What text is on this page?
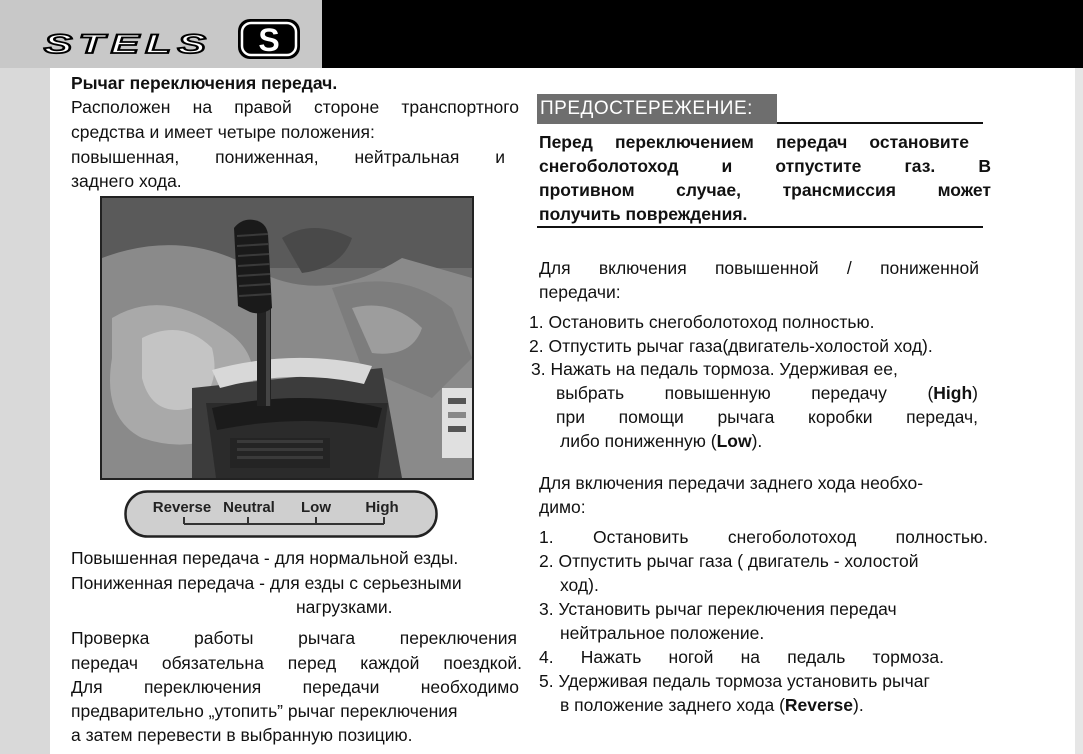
STELS S
Рычаг переключения передач.
Расположен на правой стороне транспортного
средства и имеет четыре положения:
повышенная, пониженная, нейтральная и
заднего хода.
Reverse Neutral Low High
Повышенная передача - для нормальной езды.
Пониженная передача - для езды с серьезными
нагрузками.
Проверка работы рычага переключения
передач обязательна перед каждой поездкой.
Для переключения передачи необходимо
предварительно „утопить” рычаг переключения
а затем перевести в выбранную позицию.
ПРЕДОСТЕРЕЖЕНИЕ:
Перед переключением передач остановите
снегоболотоход и отпустите газ. В
противном случае, трансмиссия может
получить повреждения.
Для включения повышенной / пониженной
передачи:
1. Остановить снегоболотоход полностью.
2. Отпустить рычаг газа(двигатель-холостой ход).
3. Нажать на педаль тормоза. Удерживая ее,
выбрать повышенную передачу (High)
при помощи рычага коробки передач,
либо пониженную (Low).
Для включения передачи заднего хода необхо-
димо:
1. Остановить снегоболотоход полностью.
2. Отпустить рычаг газа ( двигатель - холостой
ход).
3. Установить рычаг переключения передач
нейтральное положение.
4. Нажать ногой на педаль тормоза.
5. Удерживая педаль тормоза установить рычаг
в положение заднего хода (Reverse).
